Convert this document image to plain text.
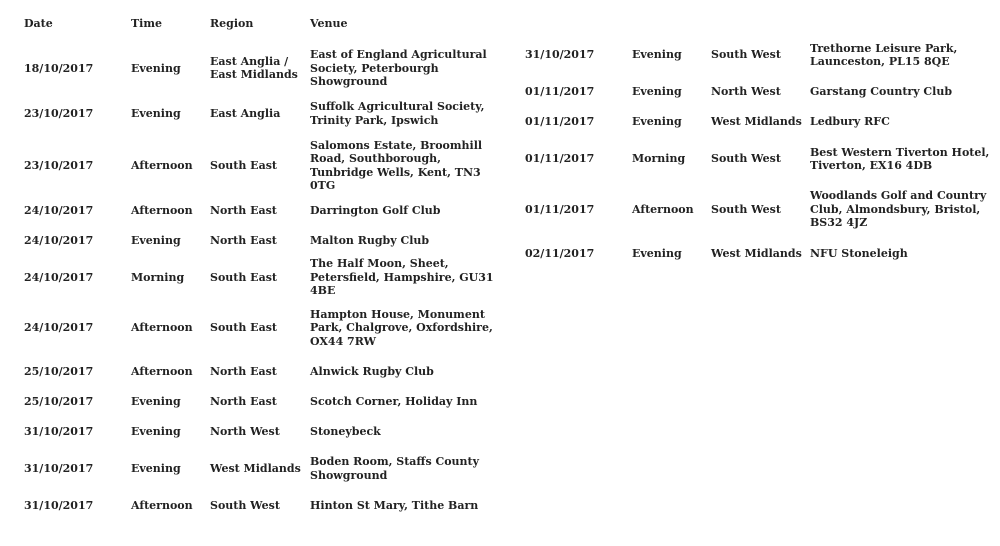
Date	Time	Region	Venue
18/10/2017	Evening	East Anglia / East Midlands	East of England Agricultural Society, Peterbourgh Showground
23/10/2017	Evening	East Anglia	Suffolk Agricultural Society, Trinity Park, Ipswich
23/10/2017	Afternoon	South East	Salomons Estate, Broomhill Road, Southborough, Tunbridge Wells, Kent, TN3 0TG
24/10/2017	Afternoon	North East	Darrington Golf Club
24/10/2017	Evening	North East	Malton Rugby Club
24/10/2017	Morning	South East	The Half Moon, Sheet, Petersfield, Hampshire, GU31 4BE
24/10/2017	Afternoon	South East	Hampton House, Monument Park, Chalgrove, Oxfordshire, OX44 7RW
25/10/2017	Afternoon	North East	Alnwick Rugby Club
25/10/2017	Evening	North East	Scotch Corner, Holiday Inn
31/10/2017	Evening	North West	Stoneybeck
31/10/2017	Evening	West Midlands	Boden Room, Staffs County Showground
31/10/2017	Afternoon	South West	Hinton St Mary, Tithe Barn

31/10/2017	Evening	South West	Trethorne Leisure Park, Launceston, PL15 8QE
01/11/2017	Evening	North West	Garstang Country Club
01/11/2017	Evening	West Midlands	Ledbury RFC
01/11/2017	Morning	South West	Best Western Tiverton Hotel, Tiverton, EX16 4DB
01/11/2017	Afternoon	South West	Woodlands Golf and Country Club, Almondsbury, Bristol, BS32 4JZ
02/11/2017	Evening	West Midlands	NFU Stoneleigh
